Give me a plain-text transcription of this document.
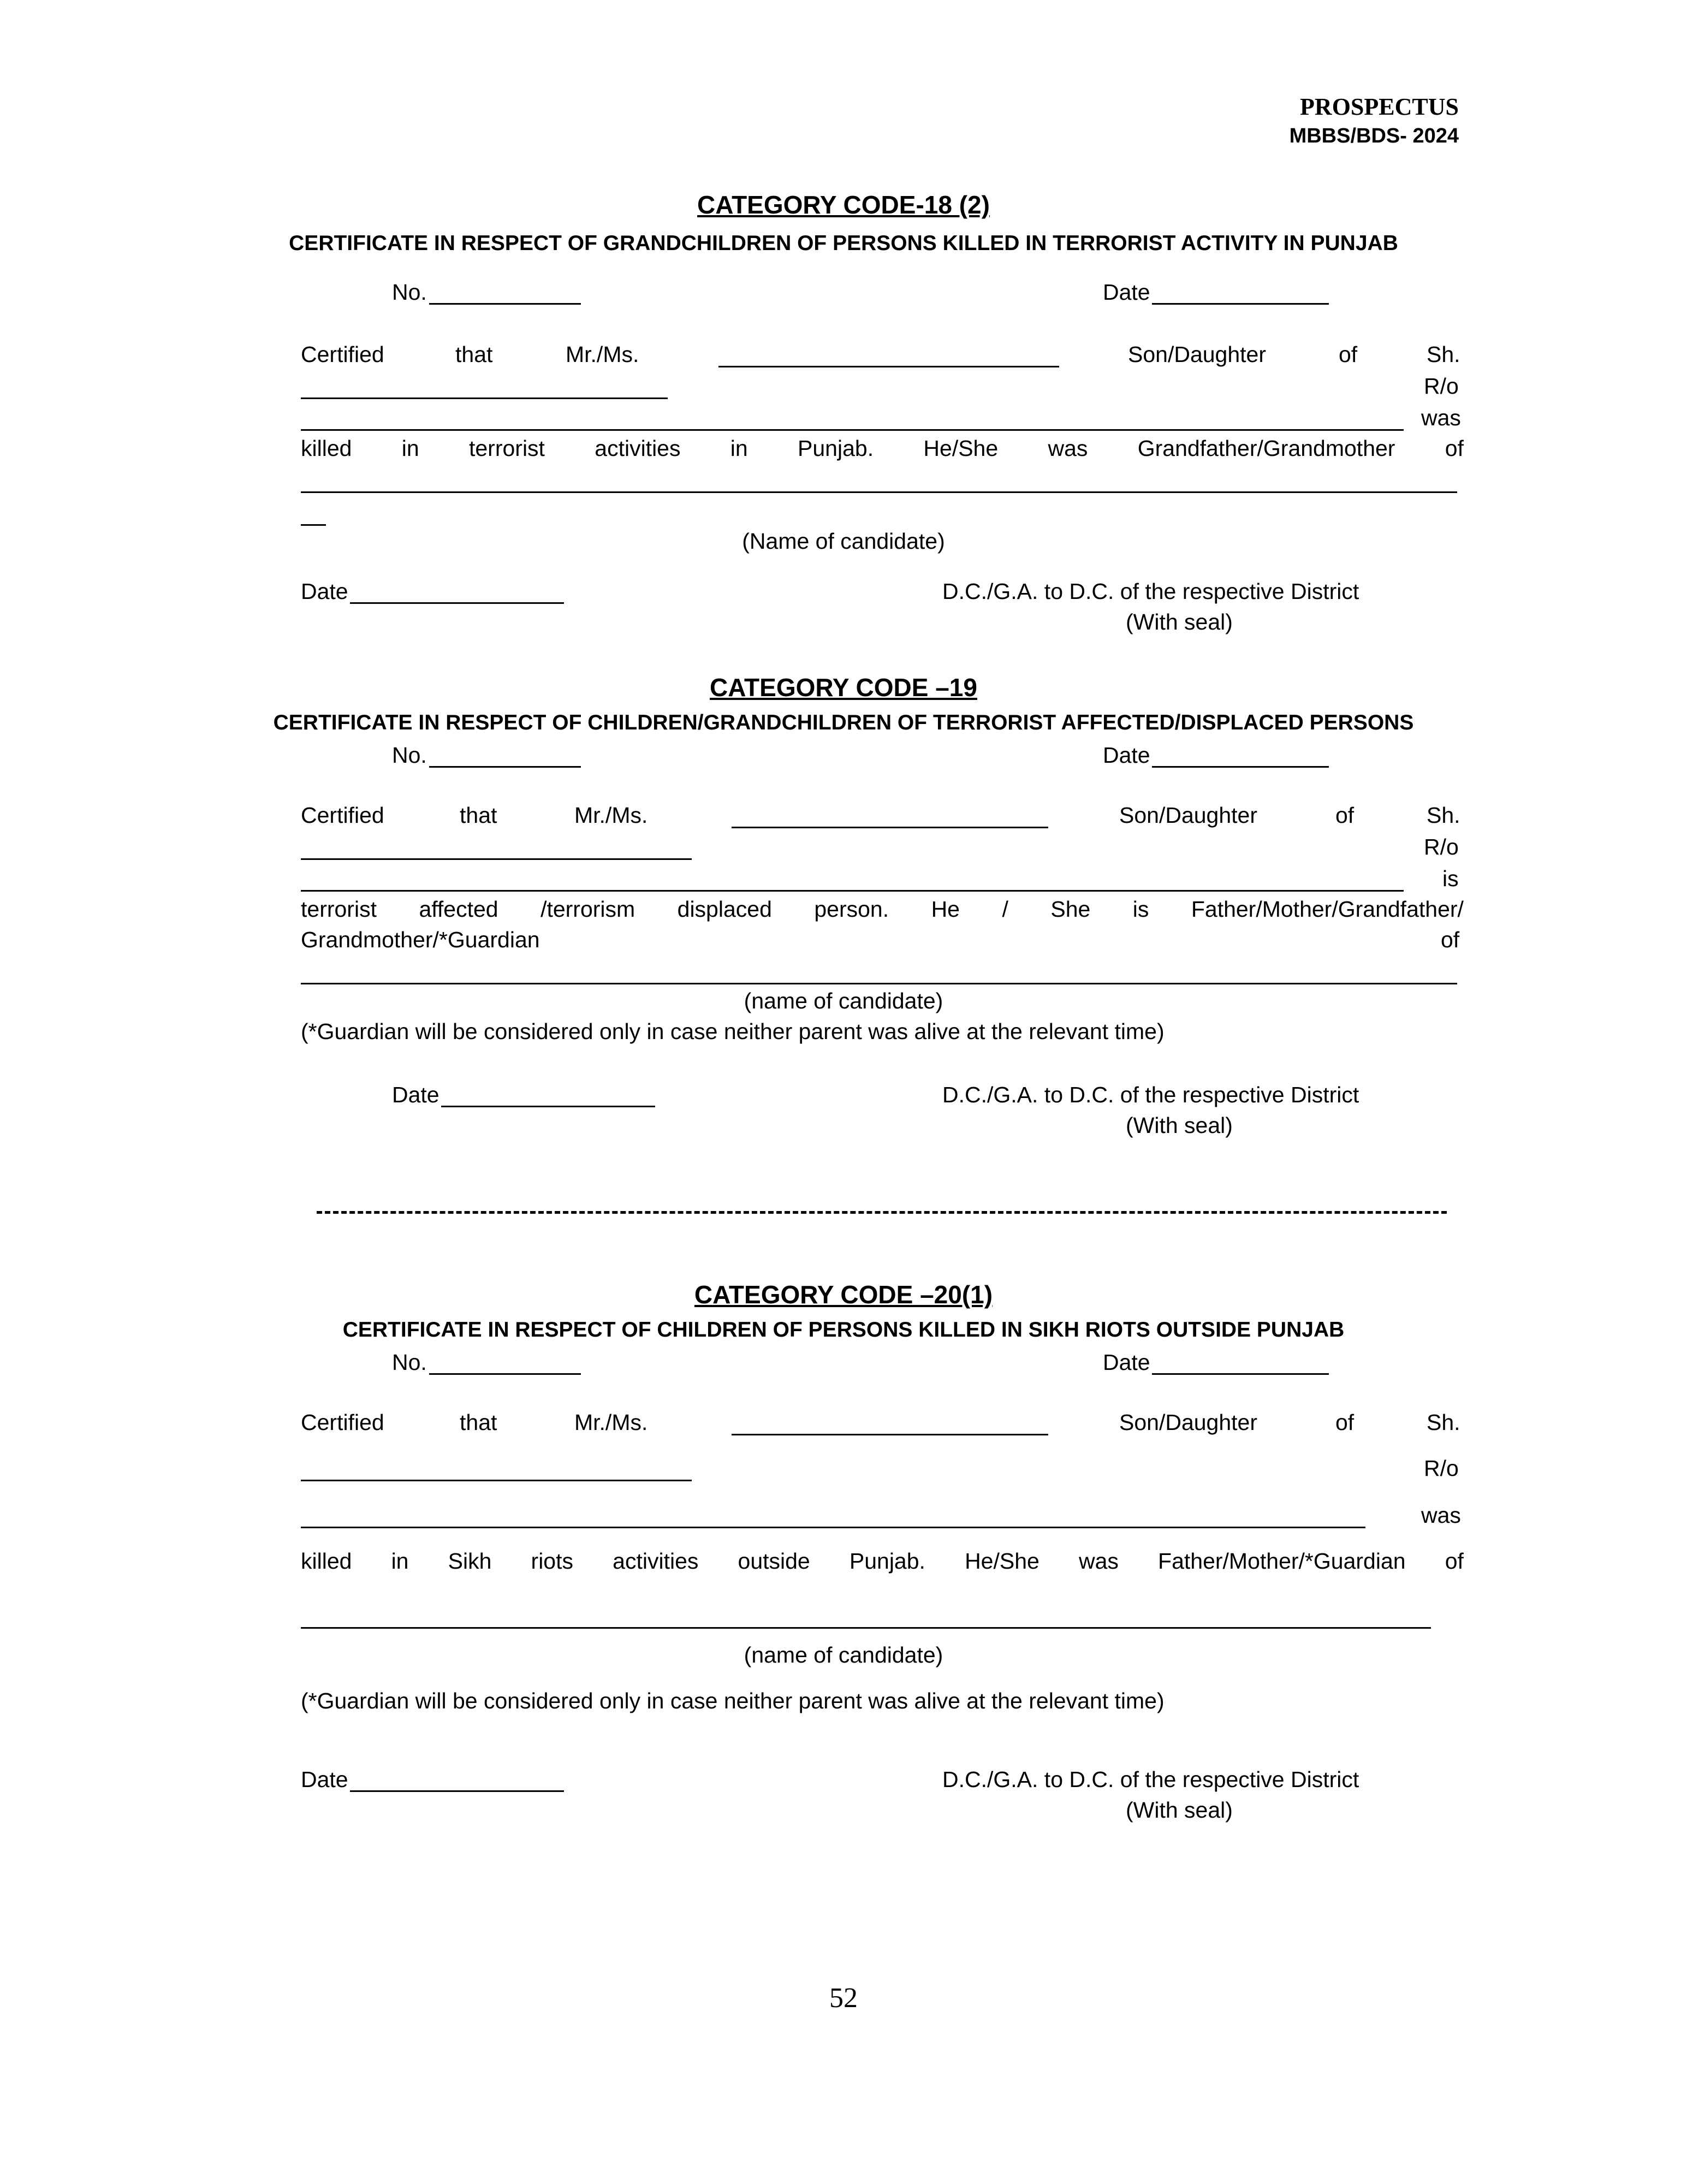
PROSPECTUS
MBBS/BDS- 2024
CATEGORY CODE-18 (2)
CERTIFICATE IN RESPECT OF GRANDCHILDREN OF PERSONS KILLED IN TERRORIST ACTIVITY IN PUNJAB
No.	Date
Certified	that	Mr./Ms.	Son/Daughter	of	Sh.
R/o
was
killed in terrorist activities in Punjab. He/She was Grandfather/Grandmother of
(Name of candidate)
Date	D.C./G.A. to D.C. of the respective District
(With seal)
CATEGORY CODE –19
CERTIFICATE IN RESPECT OF CHILDREN/GRANDCHILDREN OF TERRORIST AFFECTED/DISPLACED PERSONS
No.	Date
Certified	that	Mr./Ms.	Son/Daughter	of	Sh.
R/o
is
terrorist affected /terrorism displaced person. He / She is Father/Mother/Grandfather/
Grandmother/*Guardian	of
(name of candidate)
(*Guardian will be considered only in case neither parent was alive at the relevant time)
Date	D.C./G.A. to D.C. of the respective District
(With seal)
CATEGORY CODE –20(1)
CERTIFICATE IN RESPECT OF CHILDREN OF PERSONS KILLED IN SIKH RIOTS OUTSIDE PUNJAB
No.	Date
Certified	that	Mr./Ms.	Son/Daughter	of	Sh.
R/o
was
killed in Sikh riots activities outside Punjab. He/She was Father/Mother/*Guardian of
(name of candidate)
(*Guardian will be considered only in case neither parent was alive at the relevant time)
Date	D.C./G.A. to D.C. of the respective District
(With seal)
52
